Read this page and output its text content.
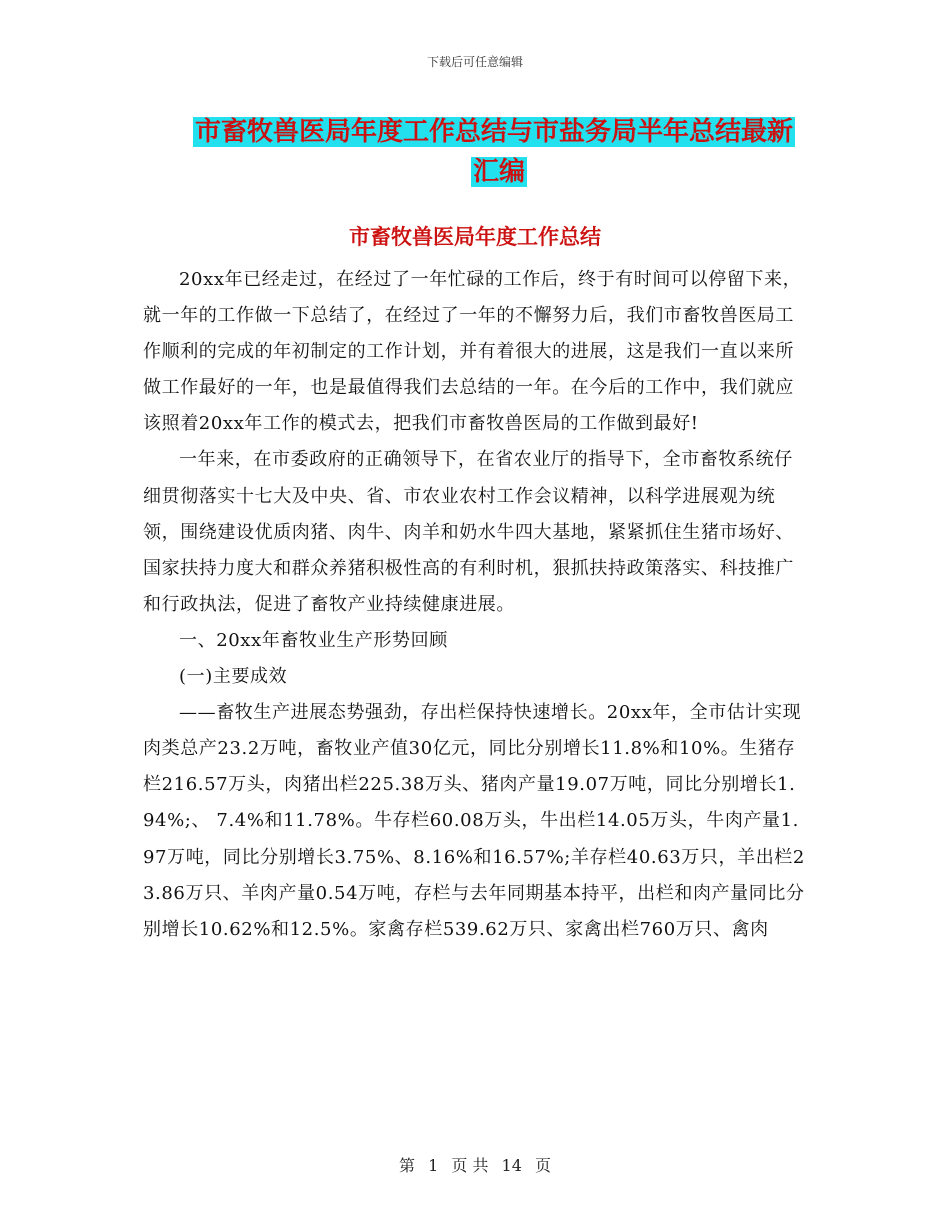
下载后可任意编辑
市畜牧兽医局年度工作总结与市盐务局半年总结最新
汇编
市畜牧兽医局年度工作总结

20xx年已经走过，在经过了一年忙碌的工作后，终于有时间可以停留下来，就一年的工作做一下总结了，在经过了一年的不懈努力后，我们市畜牧兽医局工作顺利的完成的年初制定的工作计划，并有着很大的进展，这是我们一直以来所做工作最好的一年，也是最值得我们去总结的一年。在今后的工作中，我们就应该照着20xx年工作的模式去，把我们市畜牧兽医局的工作做到最好!

一年来，在市委政府的正确领导下，在省农业厅的指导下，全市畜牧系统仔细贯彻落实十七大及中央、省、市农业农村工作会议精神，以科学进展观为统领，围绕建设优质肉猪、肉牛、肉羊和奶水牛四大基地，紧紧抓住生猪市场好、国家扶持力度大和群众养猪积极性高的有利时机，狠抓扶持政策落实、科技推广和行政执法，促进了畜牧产业持续健康进展。

一、20xx年畜牧业生产形势回顾

(一)主要成效

——畜牧生产进展态势强劲，存出栏保持快速增长。20xx年，全市估计实现肉类总产23.2万吨，畜牧业产值30亿元，同比分别增长11.8%和10%。生猪存栏216.57万头，肉猪出栏225.38万头、猪肉产量19.07万吨，同比分别增长1.94%;、 7.4%和11.78%。牛存栏60.08万头，牛出栏14.05万头，牛肉产量1.97万吨，同比分别增长3.75%、8.16%和16.57%;羊存栏40.63万只，羊出栏23.86万只、羊肉产量0.54万吨，存栏与去年同期基本持平，出栏和肉产量同比分别增长10.62%和12.5%。家禽存栏539.62万只、家禽出栏760万只、禽肉

第 1 页 共 14 页
